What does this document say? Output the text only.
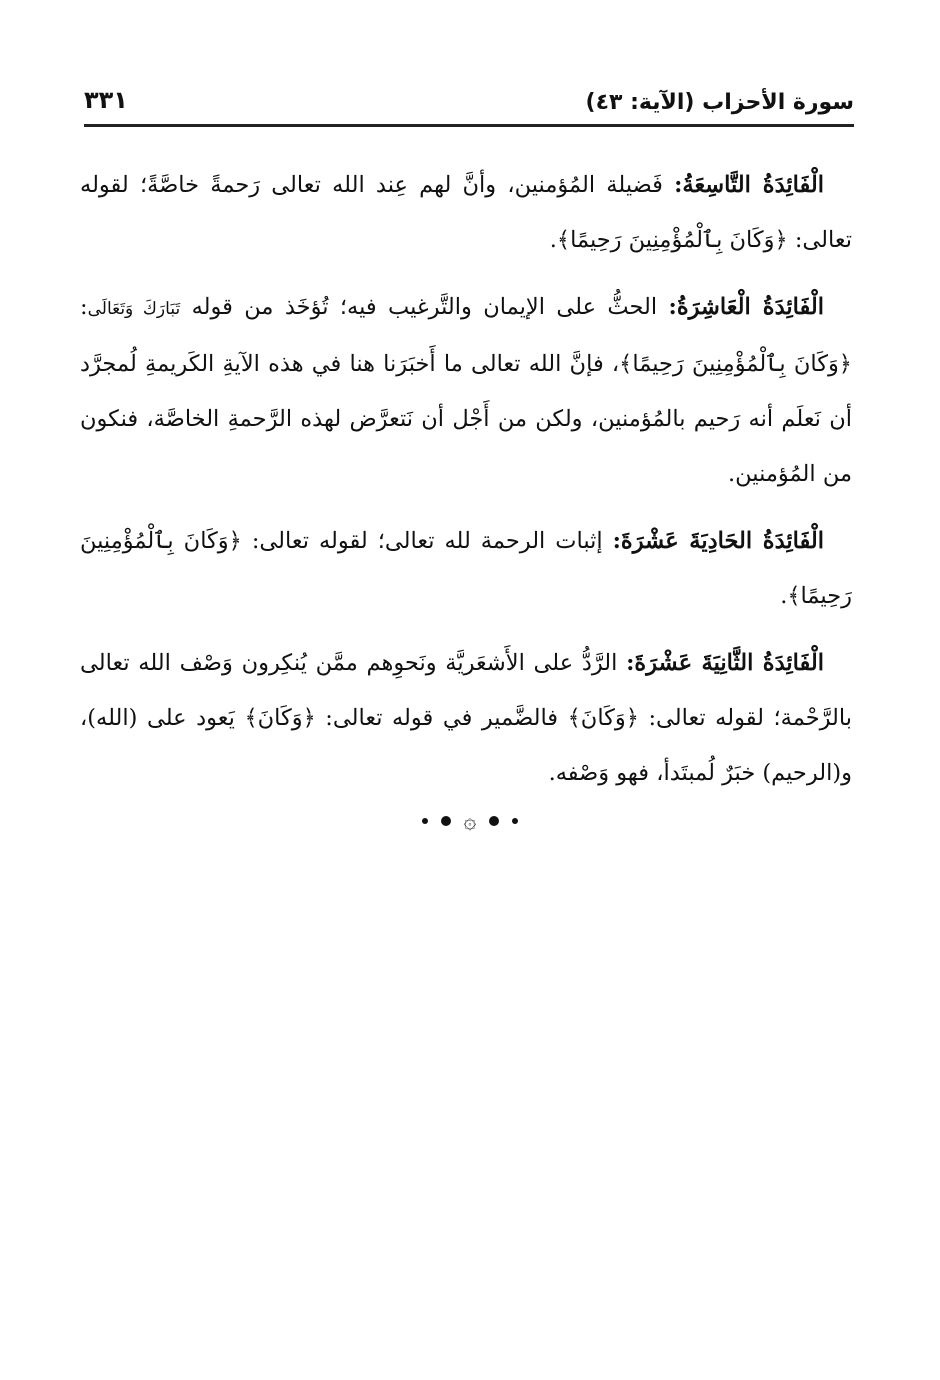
سورة الأحزاب (الآية: ٤٣)
٣٣١

الْفَائِدَةُ التَّاسِعَةُ: فَضيلة المُؤمنين، وأنَّ لهم عِند الله تعالى رَحمةً خاصَّةً؛ لقوله تعالى: ﴿وَكَانَ بِٱلْمُؤْمِنِينَ رَحِيمًا﴾.

الْفَائِدَةُ الْعَاشِرَةُ: الحثُّ على الإيمان والتَّرغيب فيه؛ تُؤخَذ من قوله تَبَارَكَ وَتَعَالَى: ﴿وَكَانَ بِٱلْمُؤْمِنِينَ رَحِيمًا﴾، فإنَّ الله تعالى ما أَخبَرَنا هنا في هذه الآيةِ الكَريمةِ لُمجرَّد أن نَعلَم أنه رَحيم بالمُؤمنين، ولكن من أَجْل أن نَتعرَّض لهذه الرَّحمةِ الخاصَّة، فنكون من المُؤمنين.

الْفَائِدَةُ الحَادِيَةَ عَشْرَةَ: إثبات الرحمة لله تعالى؛ لقوله تعالى: ﴿وَكَانَ بِٱلْمُؤْمِنِينَ رَحِيمًا﴾.

الْفَائِدَةُ الثَّانِيَةَ عَشْرَةَ: الرَّدُّ على الأَشعَريَّة ونَحوِهم ممَّن يُنكِرون وَصْف الله تعالى بالرَّحْمة؛ لقوله تعالى: ﴿وَكَانَ﴾ فالضَّمير في قوله تعالى: ﴿وَكَانَ﴾ يَعود على (الله)، و(الرحيم) خبَرٌ لُمبتَدأ، فهو وَصْفه.

۞
